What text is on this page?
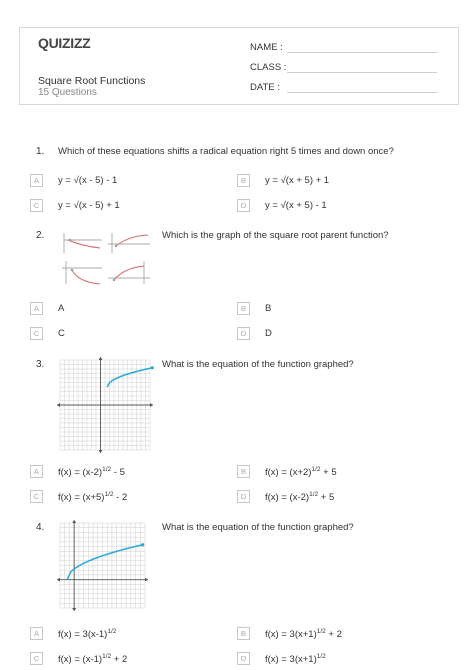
QUIZIZZ
Square Root Functions
15 Questions
NAME :
CLASS :
DATE :
1. Which of these equations shifts a radical equation right 5 times and down once?
A	y = √(x - 5) - 1	B	y = √(x + 5) + 1
C	y = √(x - 5) + 1	D	y = √(x + 5) - 1
2.	Which is the graph of the square root parent function?
A	A	B	B
C	C	D	D
3.	What is the equation of the function graphed?
A	$f(x) = (x-2)^{1/2} - 5$	B	$f(x) = (x+2)^{1/2} + 5$
C	$f(x) = (x+5)^{1/2} - 2$	D	$f(x) = (x-2)^{1/2} + 5$
4.	What is the equation of the function graphed?
A	$f(x) = 3(x-1)^{1/2}$	B	$f(x) = 3(x+1)^{1/2} + 2$
C	$f(x) = (x-1)^{1/2} + 2$	D	$f(x) = 3(x+1)^{1/2}$
